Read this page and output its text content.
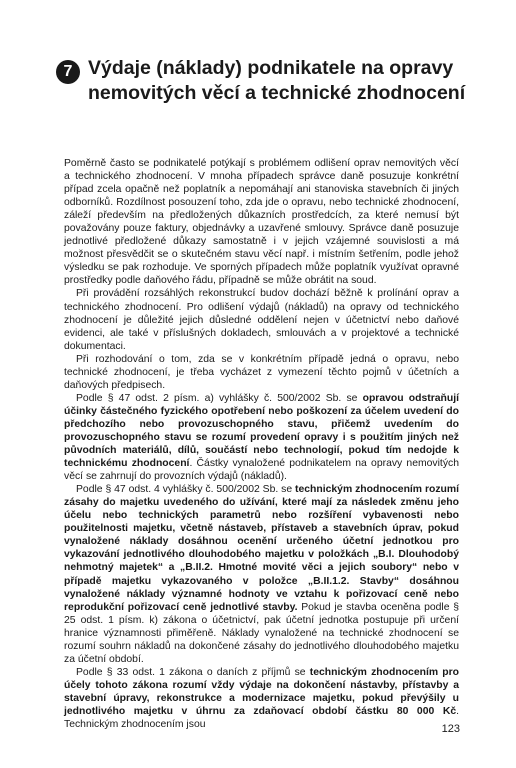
7 Výdaje (náklady) podnikatele na opravy
nemovitých věcí a technické zhodnocení

Poměrně často se podnikatelé potýkají s problémem odlišení oprav nemovitých věcí a technického zhodnocení. V mnoha případech správce daně posuzuje konkrétní případ zcela opačně než poplatník a nepomáhají ani stanoviska stavebních či jiných odborníků. Rozdílnost posouzení toho, zda jde o opravu, nebo technické zhodnocení, záleží především na předložených důkazních prostředcích, za které nemusí být považovány pouze faktury, objednávky a uzavřené smlouvy. Správce daně posuzuje jednotlivé předložené důkazy samostatně i v jejich vzájemné souvislosti a má možnost přesvědčit se o skutečném stavu věcí např. i místním šetřením, podle jehož výsledku se pak rozhoduje. Ve sporných případech může poplatník využívat opravné prostředky podle daňového řádu, případně se může obrátit na soud.

Při provádění rozsáhlých rekonstrukcí budov dochází běžně k prolínání oprav a technického zhodnocení. Pro odlišení výdajů (nákladů) na opravy od technického zhodnocení je důležité jejich důsledné oddělení nejen v účetnictví nebo daňové evidenci, ale také v příslušných dokladech, smlouvách a v projektové a technické dokumentaci.

Při rozhodování o tom, zda se v konkrétním případě jedná o opravu, nebo technické zhodnocení, je třeba vycházet z vymezení těchto pojmů v účetních a daňových předpisech.

Podle § 47 odst. 2 písm. a) vyhlášky č. 500/2002 Sb. se opravou odstraňují účinky částečného fyzického opotřebení nebo poškození za účelem uvedení do předchozího nebo provozuschopného stavu, přičemž uvedením do provozuschopného stavu se rozumí provedení opravy i s použitím jiných než původních materiálů, dílů, součástí nebo technologií, pokud tím nedojde k technickému zhodnocení. Částky vynaložené podnikatelem na opravy nemovitých věcí se zahrnují do provozních výdajů (nákladů).

Podle § 47 odst. 4 vyhlášky č. 500/2002 Sb. se technickým zhodnocením rozumí zásahy do majetku uvedeného do užívání, které mají za následek změnu jeho účelu nebo technických parametrů nebo rozšíření vybavenosti nebo použitelnosti majetku, včetně nástaveb, přístaveb a stavebních úprav, pokud vynaložené náklady dosáhnou ocenění určeného účetní jednotkou pro vykazování jednotlivého dlouhodobého majetku v položkách „B.I. Dlouhodobý nehmotný majetek“ a „B.II.2. Hmotné movité věci a jejich soubory“ nebo v případě majetku vykazovaného v položce „B.II.1.2. Stavby“ dosáhnou vynaložené náklady významné hodnoty ve vztahu k pořizovací ceně nebo reprodukční pořizovací ceně jednotlivé stavby. Pokud je stavba oceněna podle § 25 odst. 1 písm. k) zákona o účetnictví, pak účetní jednotka postupuje při určení hranice významnosti přiměřeně. Náklady vynaložené na technické zhodnocení se rozumí souhrn nákladů na dokončené zásahy do jednotlivého dlouhodobého majetku za účetní období.

Podle § 33 odst. 1 zákona o daních z příjmů se technickým zhodnocením pro účely tohoto zákona rozumí vždy výdaje na dokončení nástavby, přístavby a stavební úpravy, rekonstrukce a modernizace majetku, pokud převýšily u jednotlivého majetku v úhrnu za zdaňovací období částku 80 000 Kč. Technickým zhodnocením jsou	123
